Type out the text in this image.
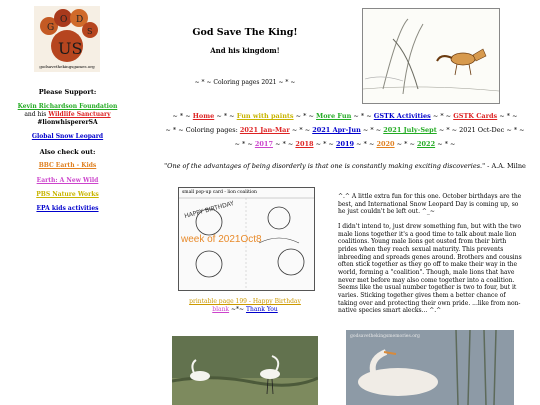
G
O D
S
US
godsavethekingsgames.org
Please Support:
Kevin Richardson Foundation
and his Wildlife Sanctuary
#lionwhispererSA
Global Snow Leopard
Also check out:
BBC Earth - Kids
Earth: A New Wild
PBS Nature Works
EPA kids activities
God Save The King!
And his kingdom!
~ * ~ Coloring pages 2021 ~ * ~
~ * ~ Home ~ * ~ Fun with paints ~ * ~ More Fun ~ * ~ GSTK Activities ~ * ~ GSTK Cards ~ * ~
~ * ~ Coloring pages: 2021 Jan-Mar ~ * ~ 2021 Apr-Jun ~ * ~ 2021 July-Sept ~ * ~ 2021 Oct-Dec ~ * ~
~ * ~ 2017 ~ * ~ 2018 ~ * ~ 2019 ~ * ~ 2020 ~ * ~ 2022 ~ * ~
"One of the advantages of being disorderly is that one is constantly making exciting discoveries." - A.A. Milne
small pop-up card - lion coalition
HAPPY BIRTHDAY
week of 2021Oct8
printable page 199 - Happy Birthday
blank ~*~ Thank You
^.^ A little extra fun for this one. October birthdays are the best, and International Snow Leopard Day is coming up, so he just couldn't be left out. ^_~
I didn't intend to, just drew something fun, but with the two male lions together it's a good time to talk about male lion coalitions. Young male lions get ousted from their birth prides when they reach sexual maturity. This prevents inbreeding and spreads genes around. Brothers and cousins often stick together as they go off to make their way in the world, forming a "coalition". Though, male lions that have never met before may also come together into a coalition. Seems like the usual number together is two to four, but it varies. Sticking together gives them a better chance of taking over and protecting their own pride. ...like from non-native species smart alecks... ^.^
godsavethekingsmemories.org
